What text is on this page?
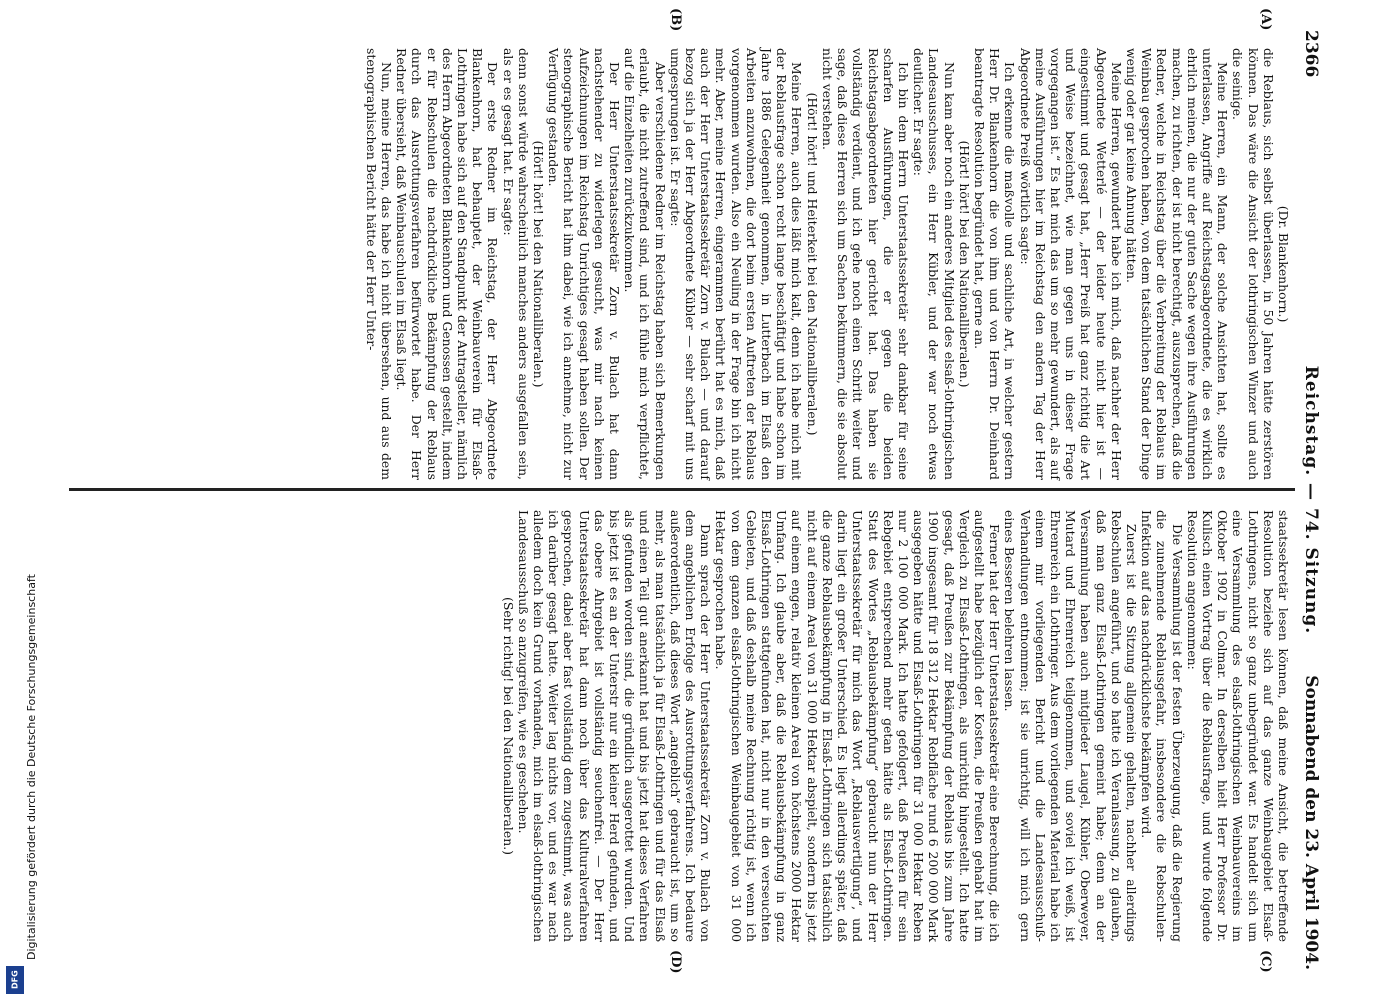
2366
Reichstag. — 74. Sitzung.
Sonnabend den 23. April 1904.
(A)
(B)
(C)
(D)

(Dr. Blankenhorn.)

die Reblaus, sich selbst überlassen, in 50 Jahren hätte zerstören können. Das wäre die Ansicht der lothringischen Winzer und auch die seinige.

Meine Herren, ein Mann, der solche Ansichten hat, sollte es unterlassen, Angriffe auf Reichstagsabgeordnete, die es wirklich ehrlich meinen, die nur der guten Sache wegen ihre Ausführungen machen, zu richten, der ist nicht berechtigt, auszusprechen, daß die Redner, welche in Reichstag über die Verbreitung der Reblaus im Weinbau gesprochen haben, von dem tatsächlichen Stand der Dinge wenig oder gar keine Ahnung hätten.

Meine Herren, gewundert habe ich mich, daß nachher der Herr Abgeordnete Wetterlé — der leider heute nicht hier ist — eingestimmt und gesagt hat, „Herr Preiß hat ganz richtig die Art und Weise bezeichnet, wie man gegen uns in dieser Frage vorgegangen ist.“ Es hat mich das um so mehr gewundert, als auf meine Ausführungen hier im Reichstag den andern Tag der Herr Abgeordnete Preiß wörtlich sagte:

Ich erkenne die maßvolle und sachliche Art, in welcher gestern Herr Dr. Blankenhorn die von ihm und von Herrn Dr. Deinhard beantragte Resolution begründet hat, gerne an.

(Hört! hört! bei den Nationalliberalen.)

Nun kam aber noch ein anderes Mitglied des elsaß-lothringischen Landesausschusses, ein Herr Kübler, und der war noch etwas deutlicher. Er sagte:

Ich bin dem Herrn Unterstaatssekretär sehr dankbar für seine scharfen Ausführungen, die er gegen die beiden Reichstagsabgeordneten hier gerichtet hat. Das haben sie vollständig verdient, und ich gehe noch einen Schritt weiter und sage, daß diese Herren sich um Sachen bekümmern, die sie absolut nicht verstehen.

(Hört! hört! und Heiterkeit bei den Nationalliberalen.)

Meine Herren, auch dies läßt mich kalt, denn ich habe mich mit der Reblausfrage schon recht lange beschäftigt und habe schon im Jahre 1886 Gelegenheit genommen, in Lutterbach im Elsaß den Arbeiten anzuwohnen, die dort beim ersten Auftreten der Reblaus vorgenommen wurden. Also ein Neuling in der Frage bin ich nicht mehr. Aber, meine Herren, eingerammen berührt hat es mich, daß auch der Herr Unterstaatssekretär Zorn v. Bulach — und darauf bezog sich ja der Herr Abgeordnete Kübler — sehr scharf mit uns umgesprungen ist. Er sagte:

Aber verschiedene Redner im Reichstag haben sich Bemerkungen erlaubt, die nicht zutreffend sind, und ich fühle mich verpflichtet, auf die Einzelheiten zurückzukommen.

Der Herr Unterstaatssekretär Zorn v. Bulach hat dann nachstehender zu widerlegen gesucht, was mir nach keinen Aufzeichnungen im Reichstag Unrichtiges gesagt haben sollen. Der stenographische Bericht hat ihm dabei, wie ich annehme, nicht zur Verfügung gestanden.

(Hört! hört! bei den Nationalliberalen.)

denn sonst würde wahrscheinlich manches anders ausgefallen sein, als er es gesagt hat. Er sagte:

Der erste Redner im Reichstag, der Herr Abgeordnete Blankenhorn, hat behauptet, der Weinbauverein für Elsaß-Lothringen habe sich auf den Standpunkt der Antragsteller, nämlich des Herrn Abgeordneten Blankenhorn und Genossen gestellt, indem er für Rebschulen die nachdrückliche Bekämpfung der Reblaus durch das Ausrottungsverfahren befürwortet habe. Der Herr Redner übersieht, daß Weinbauschulen im Elsaß liegt.

Nun, meine Herren, das habe ich nicht übersehen, und aus dem stenographischen Bericht hätte der Herr Unter-

staatssekretär lesen können, daß meine Ansicht, die betreffende Resolution beziehe sich auf das ganze Weinbaugebiet Elsaß-Lothringens, nicht so ganz unbegründet war. Es handelt sich um eine Versammlung des elsaß-lothringischen Weinbauvereins im Oktober 1902 in Colmar. In derselben hielt Herr Professor Dr. Kulisch einen Vortrag über die Reblausfrage, und wurde folgende Resolution angenommen:

Die Versammlung ist der festen Überzeugung, daß die Regierung die zunehmende Reblausgefahr, insbesondere die Rebschulen-Infektion auf das nachdrücklichste bekämpfen wird.

Zuerst ist die Sitzung allgemein gehalten, nachher allerdings Rebschulen angeführt, und so hatte ich Veranlassung, zu glauben, daß man ganz Elsaß-Lothringen gemeint habe; denn an der Versammlung haben auch mitglieder Laugel, Kübler, Oberweyer, Mutard und Ehrenreich teilgenommen, und soviel ich weiß, ist Ehrenreich ein Lothringer. Aus dem vorliegenden Material habe ich einem mir vorliegenden Bericht und die Landesausschuß-Verhandlungen entnommen; ist sie unrichtig, will ich mich gern eines Besseren belehren lassen.

Ferner hat der Herr Unterstaatssekretär eine Berechnung, die ich aufgestellt habe bezüglich der Kosten, die Preußen gehabt hat im Vergleich zu Elsaß-Lothringen, als unrichtig hingestellt. Ich hatte gesagt, daß Preußen zur Bekämpfung der Reblaus bis zum Jahre 1900 insgesamt für 18 312 Hektar Rebfläche rund 6 200 000 Mark ausgegeben hätte und Elsaß-Lothringen für 31 000 Hektar Reben nur 2 100 000 Mark. Ich hatte gefolgert, daß Preußen für sein Rebgebiet entsprechend mehr getan hätte als Elsaß-Lothringen. Statt des Wortes „Reblausbekämpfung“ gebraucht nun der Herr Unterstaatssekretär für mich das Wort „Reblausvertilgung“, und darin liegt ein großer Unterschied. Es liegt allerdings später, daß die ganze Reblausbekämpfung in Elsaß-Lothringen sich tatsächlich nicht auf einem Areal von 31 000 Hektar abspielt, sondern bis jetzt auf einem engen, relativ kleinen Areal von höchstens 2000 Hektar Umfang. Ich glaube aber, daß die Reblausbekämpfung in ganz Elsaß-Lothringen stattgefunden hat, nicht nur in den verseuchten Gebieten, und daß deshalb meine Rechnung richtig ist, wenn ich von dem ganzen elsaß-lothringischen Weinbaugebiet von 31 000 Hektar gesprochen habe.

Dann sprach der Herr Unterstaatssekretär Zorn v. Bulach von dem angeblichen Erfolge des Ausrottungsverfahrens. Ich bedaure außerordentlich, daß dieses Wort „angeblich“ gebraucht ist, um so mehr, als man tatsächlich ja für Elsaß-Lothringen und für das Elsaß und einen Teil gut anerkannt hat und bis jetzt hat dieses Verfahren als gefunden worden sind, die gründlich ausgerottet wurden. Und bis jetzt ist es an der Unterstr nur ein kleiner Herd gefunden, und das obere Ahrgebiet ist vollständig seuchenfrei. — Der Herr Unterstaatssekretär hat dann noch über das Kulturalverfahren gesprochen, dabei aber fast vollständig dem zugestimmt, was auch ich darüber gesagt hatte. Weiter lag nichts vor, und es war nach alledem doch kein Grund vorhanden, mich im elsaß-lothringischen Landesausschuß so anzugreifen, wie es geschehen.

(Sehr richtig! bei den Nationalliberalen.)

Digitalisierung gefördert durch die Deutsche Forschungsgemeinschaft
DFG
